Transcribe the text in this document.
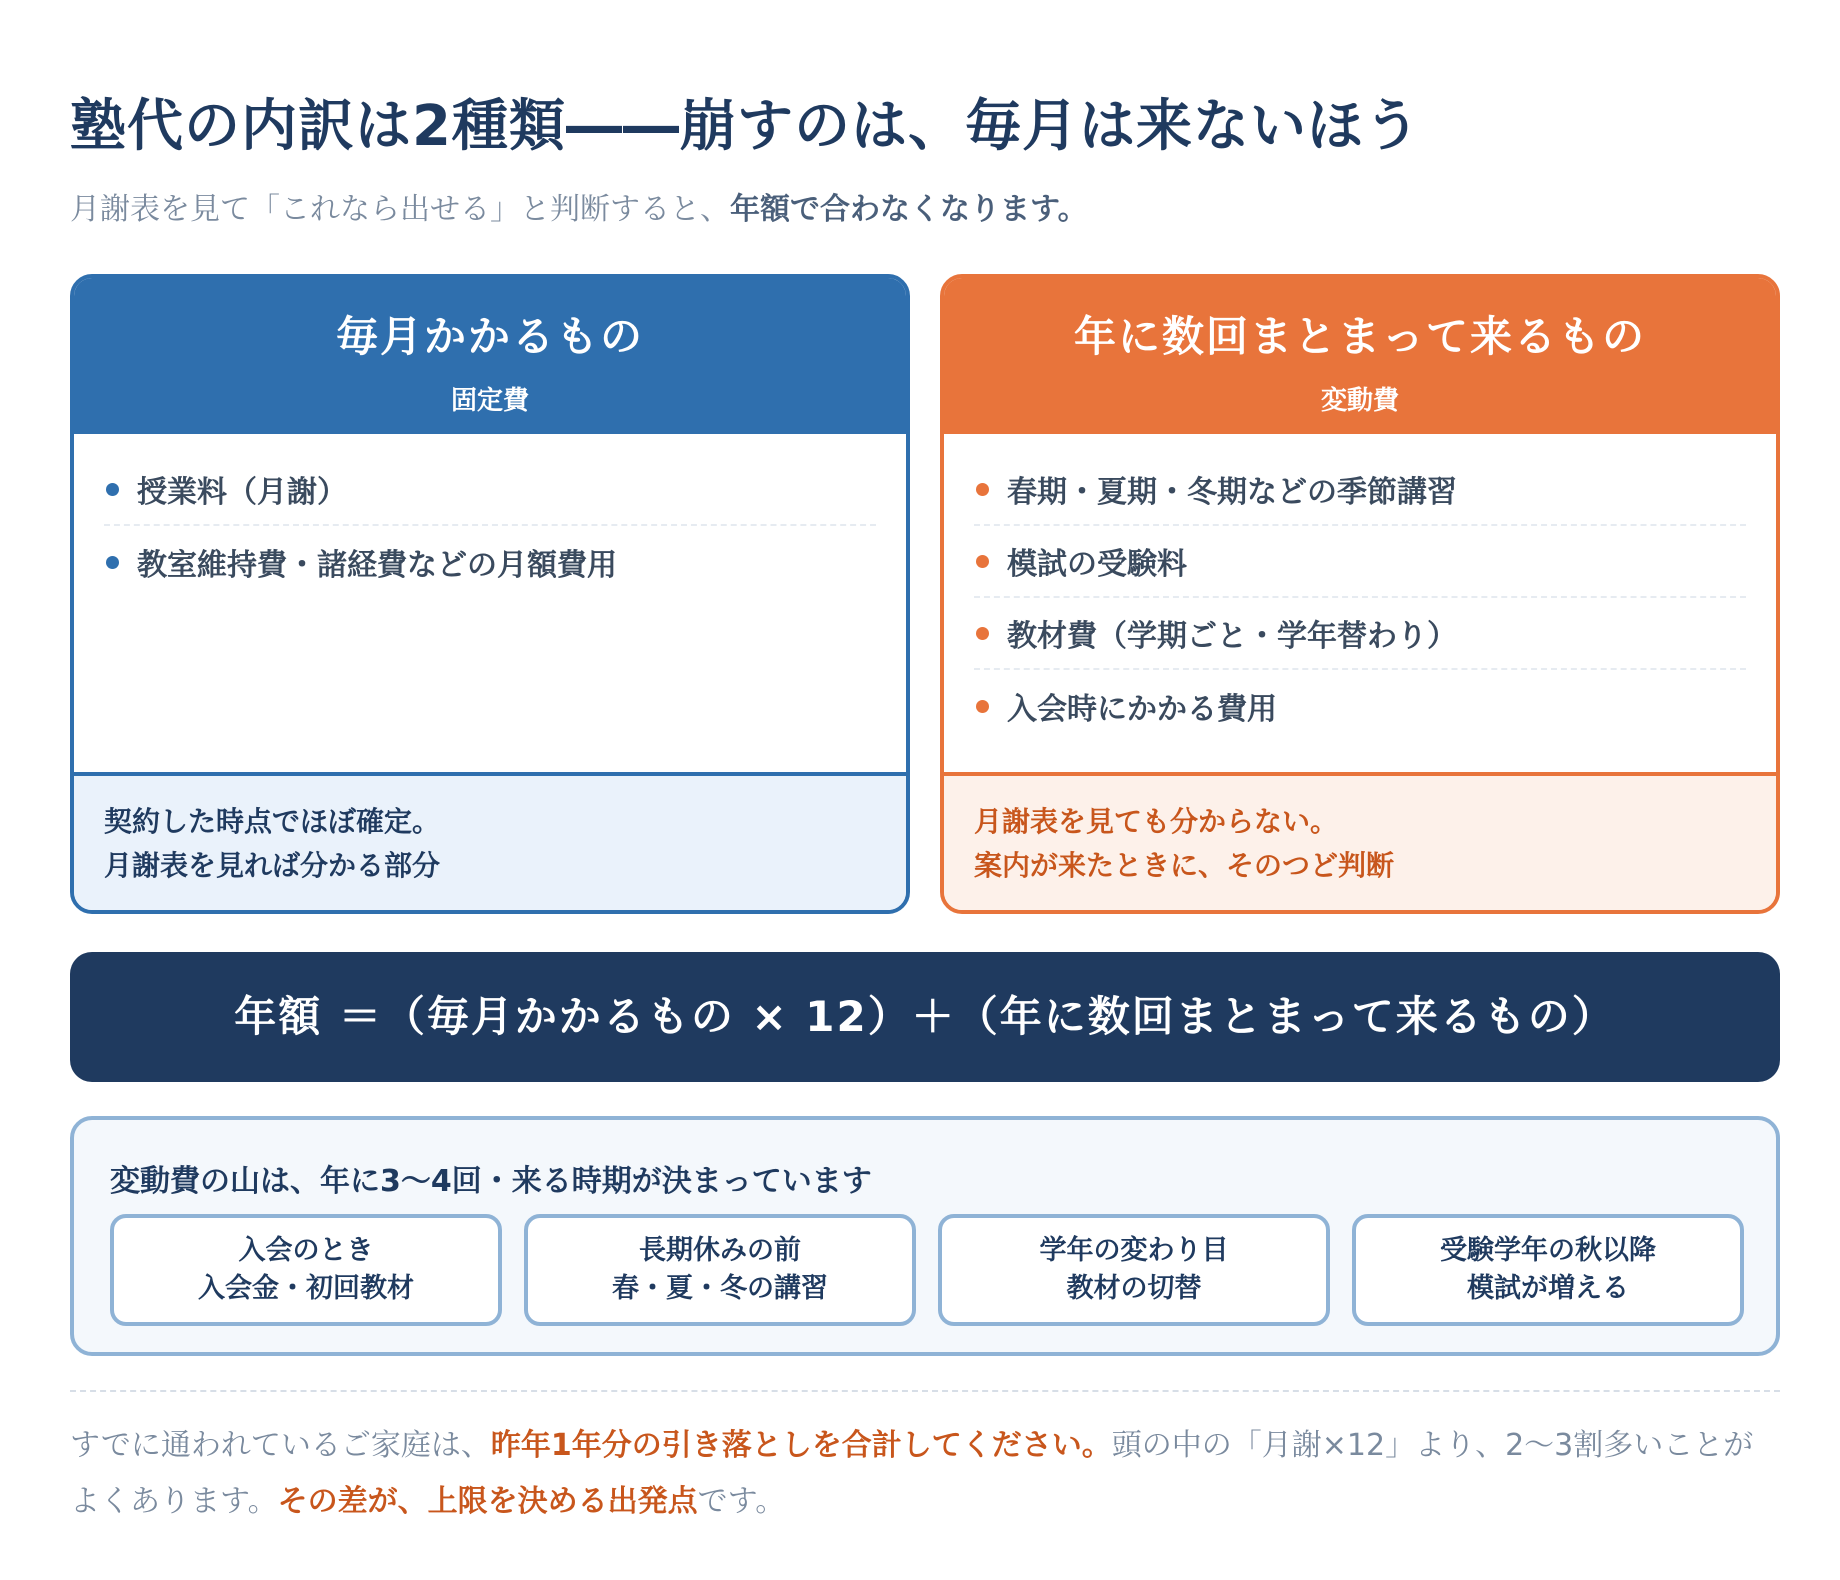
塾代の内訳は2種類――崩すのは、毎月は来ないほう

月謝表を見て「これなら出せる」と判断すると、年額で合わなくなります。

毎月かかるもの
固定費
授業料（月謝）
教室維持費・諸経費などの月額費用
契約した時点でほぼ確定。
月謝表を見れば分かる部分
年に数回まとまって来るもの
変動費
春期・夏期・冬期などの季節講習
模試の受験料
教材費（学期ごと・学年替わり）
入会時にかかる費用
月謝表を見ても分からない。
案内が来たときに、そのつど判断
年額 ＝（毎月かかるもの × 12）＋（年に数回まとまって来るもの）
変動費の山は、年に3〜4回・来る時期が決まっています
入会のとき
入会金・初回教材
長期休みの前
春・夏・冬の講習
学年の変わり目
教材の切替
受験学年の秋以降
模試が増える

すでに通われているご家庭は、昨年1年分の引き落としを合計してください。頭の中の「月謝×12」より、2〜3割多いことがよくあります。その差が、上限を決める出発点です。
